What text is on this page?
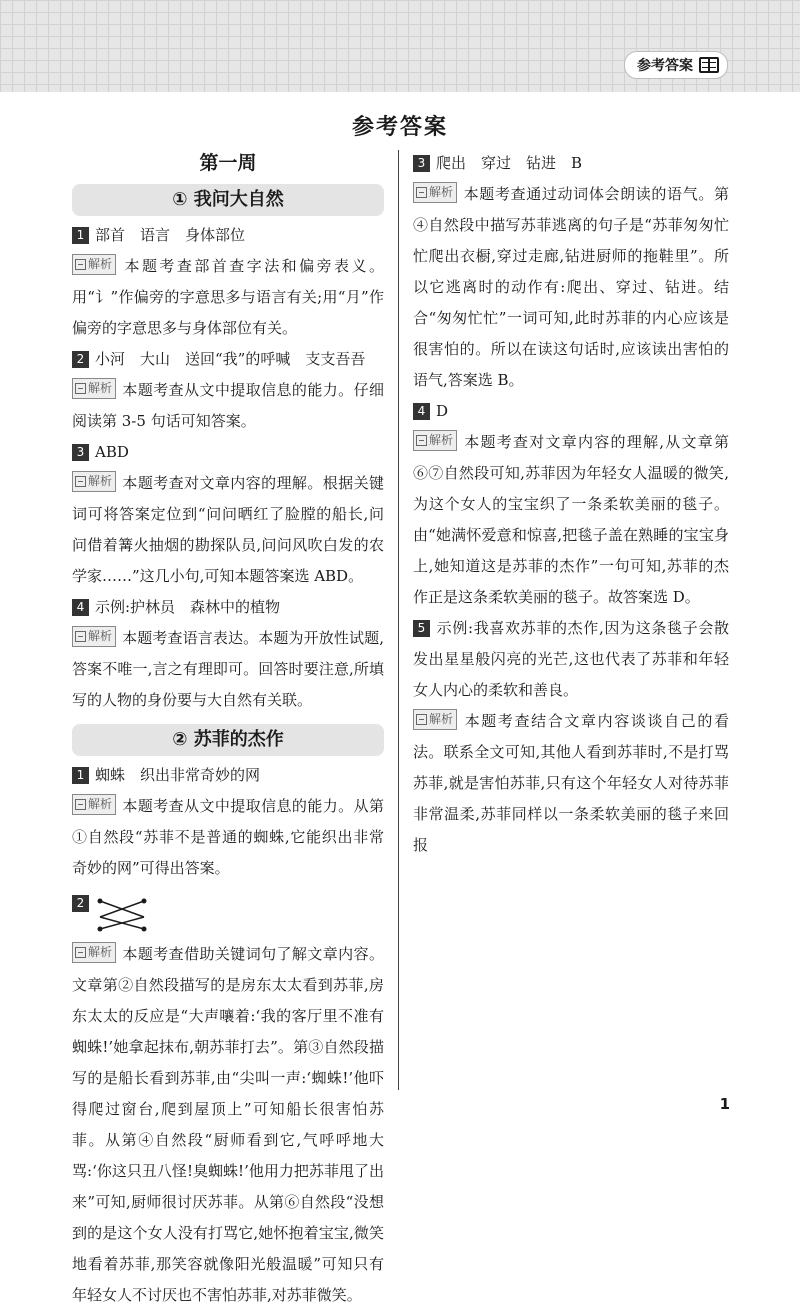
参考答案
参考答案
第一周
① 我问大自然

1 部首　语言　身体部位

解析 本题考查部首查字法和偏旁表义。用“讠”作偏旁的字意思多与语言有关;用“月”作偏旁的字意思多与身体部位有关。

2 小河　大山　送回“我”的呼喊　支支吾吾

解析 本题考查从文中提取信息的能力。仔细阅读第 3-5 句话可知答案。

3 ABD

解析 本题考查对文章内容的理解。根据关键词可将答案定位到“问问晒红了脸膛的船长,问问借着篝火抽烟的勘探队员,问问风吹白发的农学家……”这几小句,可知本题答案选 ABD。

4 示例:护林员　森林中的植物

解析 本题考查语言表达。本题为开放性试题,答案不唯一,言之有理即可。回答时要注意,所填写的人物的身份要与大自然有关联。

② 苏菲的杰作

1 蜘蛛　织出非常奇妙的网

解析 本题考查从文中提取信息的能力。从第①自然段“苏菲不是普通的蜘蛛,它能织出非常奇妙的网”可得出答案。

2

解析 本题考查借助关键词句了解文章内容。文章第②自然段描写的是房东太太看到苏菲,房东太太的反应是“大声嚷着:‘我的客厅里不准有蜘蛛!’她拿起抹布,朝苏菲打去”。第③自然段描写的是船长看到苏菲,由“尖叫一声:‘蜘蛛!’他吓得爬过窗台,爬到屋顶上”可知船长很害怕苏菲。从第④自然段“厨师看到它,气呼呼地大骂:‘你这只丑八怪!臭蜘蛛!’他用力把苏菲甩了出来”可知,厨师很讨厌苏菲。从第⑥自然段“没想到的是这个女人没有打骂它,她怀抱着宝宝,微笑地看着苏菲,那笑容就像阳光般温暖”可知只有年轻女人不讨厌也不害怕苏菲,对苏菲微笑。

3 爬出　穿过　钻进　B

解析 本题考查通过动词体会朗读的语气。第④自然段中描写苏菲逃离的句子是“苏菲匆匆忙忙爬出衣橱,穿过走廊,钻进厨师的拖鞋里”。所以它逃离时的动作有:爬出、穿过、钻进。结合“匆匆忙忙”一词可知,此时苏菲的内心应该是很害怕的。所以在读这句话时,应该读出害怕的语气,答案选 B。

4 D

解析 本题考查对文章内容的理解,从文章第⑥⑦自然段可知,苏菲因为年轻女人温暖的微笑,为这个女人的宝宝织了一条柔软美丽的毯子。由“她满怀爱意和惊喜,把毯子盖在熟睡的宝宝身上,她知道这是苏菲的杰作”一句可知,苏菲的杰作正是这条柔软美丽的毯子。故答案选 D。

5 示例:我喜欢苏菲的杰作,因为这条毯子会散发出星星般闪亮的光芒,这也代表了苏菲和年轻女人内心的柔软和善良。

解析 本题考查结合文章内容谈谈自己的看法。联系全文可知,其他人看到苏菲时,不是打骂苏菲,就是害怕苏菲,只有这个年轻女人对待苏菲非常温柔,苏菲同样以一条柔软美丽的毯子来回报

1
